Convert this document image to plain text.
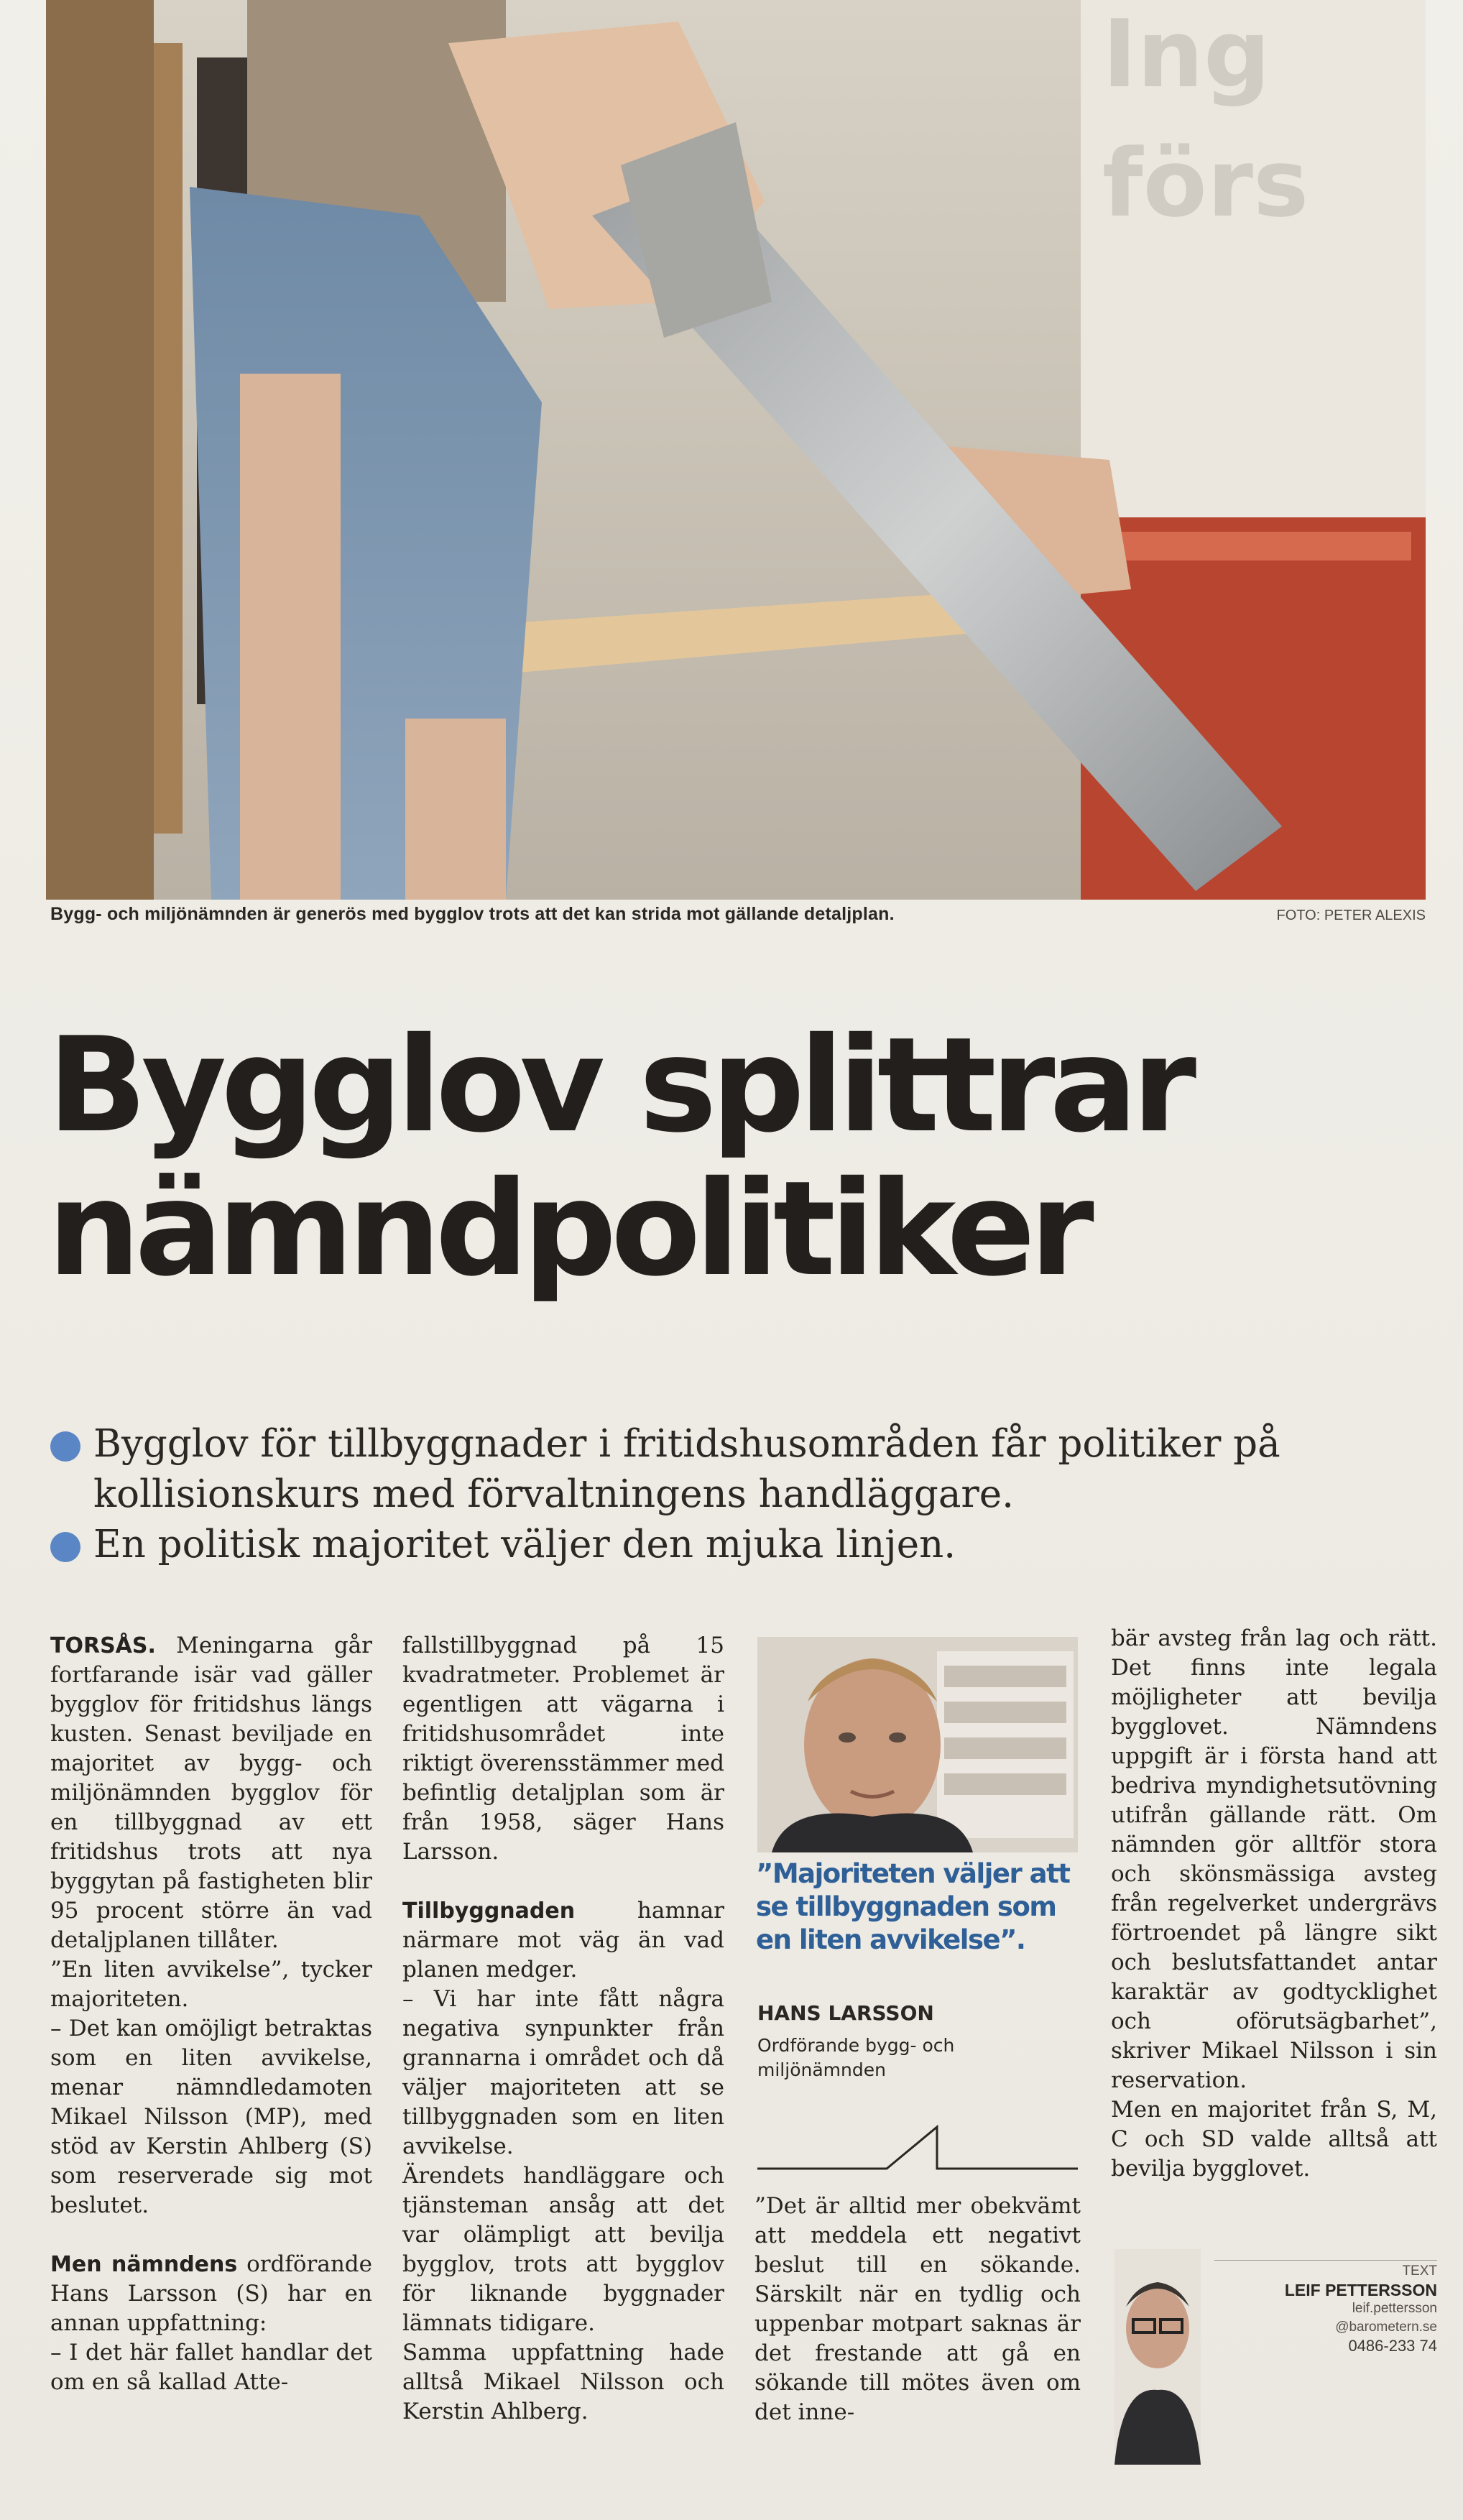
Ing
förs
Bygg- och miljönämnden är generös med bygglov trots att det kan strida mot gällande detaljplan.	FOTO: PETER ALEXIS
Bygglov splittrar
nämndpolitiker
Bygglov för tillbyggnader i fritidshusområden får politiker på kollisionskurs med förvaltningens handläggare.
En politisk majoritet väljer den mjuka linjen.

TORSÅS. Meningarna går fortfarande isär vad gäller bygglov för fritidshus längs kusten. Senast beviljade en majoritet av bygg- och miljönämnden bygglov för en tillbyggnad av ett fritidshus trots att nya byggytan på fastigheten blir 95 procent större än vad detaljplanen tillåter.

”En liten avvikelse”, tycker majoriteten.

– Det kan omöjligt betraktas som en liten avvikelse, menar nämndledamoten Mikael Nilsson (MP), med stöd av Kerstin Ahlberg (S) som reserverade sig mot beslutet.

Men nämndens ordförande Hans Larsson (S) har en annan uppfattning:

– I det här fallet handlar det om en så kallad Atte-

fallstillbyggnad på 15 kvadratmeter. Problemet är egentligen att vägarna i fritidshusområdet inte riktigt överensstämmer med befintlig detaljplan som är från 1958, säger Hans Larsson.

Tillbyggnaden hamnar närmare mot väg än vad planen medger.

– Vi har inte fått några negativa synpunkter från grannarna i området och då väljer majoriteten att se tillbyggnaden som en liten avvikelse.

Ärendets handläggare och tjänsteman ansåg att det var olämpligt att bevilja bygglov, trots att bygglov för liknande byggnader lämnats tidigare.

Samma uppfattning hade alltså Mikael Nilsson och Kerstin Ahlberg.

”Majoriteten väljer att se tillbyggnaden som en liten avvikelse”.
HANS LARSSON
Ordförande bygg- och miljönämnden

”Det är alltid mer obekvämt att meddela ett negativt beslut till en sökande. Särskilt när en tydlig och uppenbar motpart saknas är det frestande att gå en sökande till mötes även om det inne-

bär avsteg från lag och rätt. Det finns inte legala möjligheter att bevilja bygglovet. Nämndens uppgift är i första hand att bedriva myndighetsutövning utifrån gällande rätt. Om nämnden gör alltför stora och skönsmässiga avsteg från regelverket undergrävs förtroendet på längre sikt och beslutsfattandet antar karaktär av godtycklighet och oförutsägbarhet”, skriver Mikael Nilsson i sin reservation.

Men en majoritet från S, M, C och SD valde alltså att bevilja bygglovet.

TEXT
LEIF PETTERSSON
leif.pettersson
@barometern.se
0486-233 74
